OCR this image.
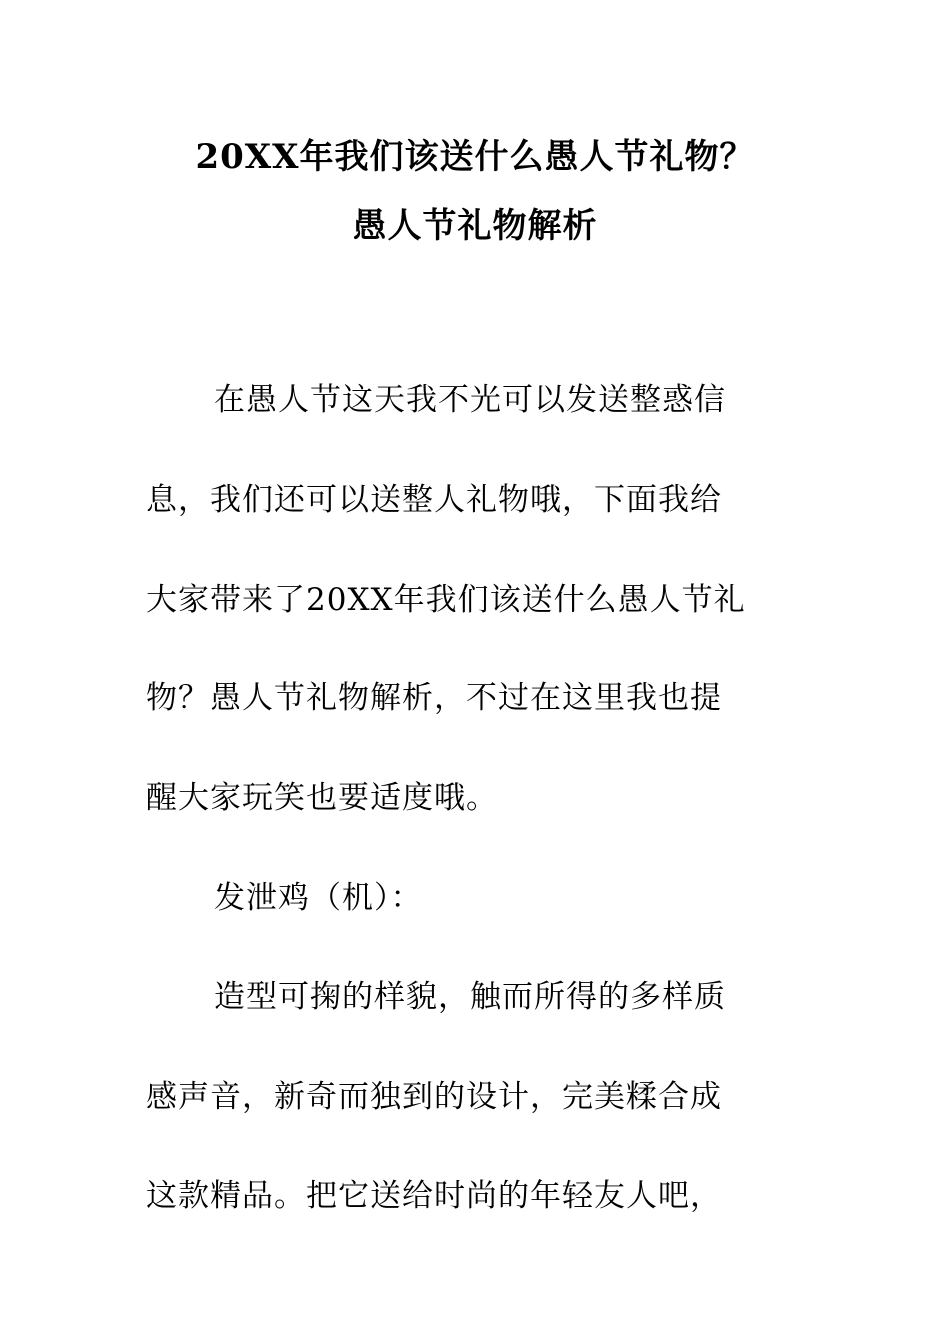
20XX年我们该送什么愚人节礼物？
愚人节礼物解析
在愚人节这天我不光可以发送整惑信
息，我们还可以送整人礼物哦，下面我给
大家带来了20XX年我们该送什么愚人节礼
物？愚人节礼物解析，不过在这里我也提
醒大家玩笑也要适度哦。
发泄鸡（机）：
造型可掬的样貌，触而所得的多样质
感声音，新奇而独到的设计，完美糅合成
这款精品。把它送给时尚的年轻友人吧，
